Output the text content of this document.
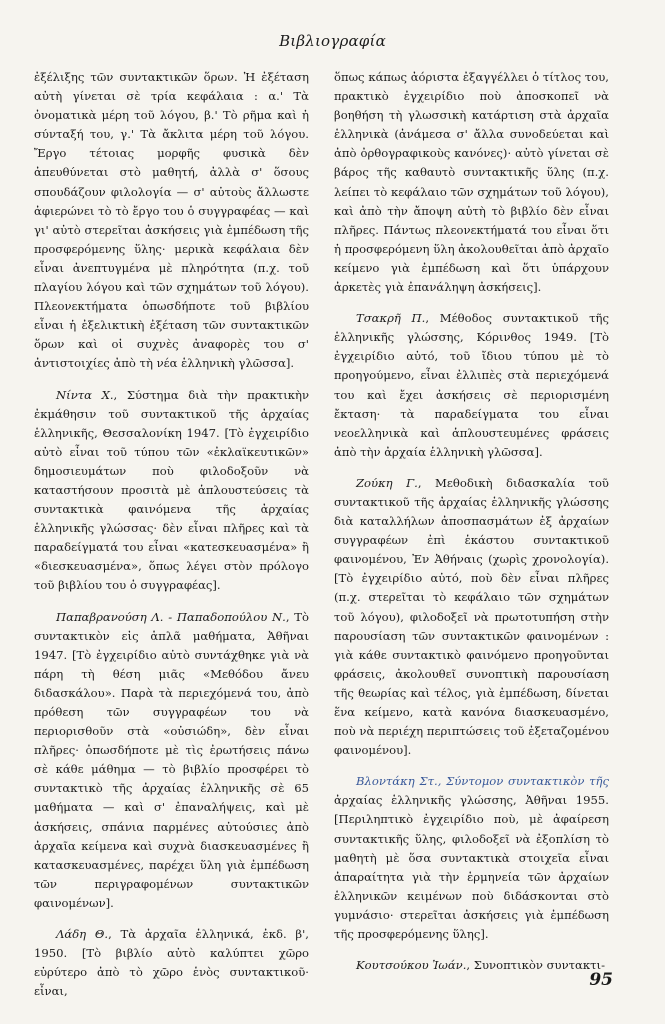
Βιβλιογραφία

ἐξέλιξης τῶν συντακτικῶν ὅρων. Ἡ ἐξέταση αὐτὴ γίνεται σὲ τρία κεφάλαια : α.' Τὰ ὀνοματικὰ μέρη τοῦ λόγου, β.' Τὸ ρῆμα καὶ ἡ σύνταξή του, γ.' Τὰ ἄκλιτα μέρη τοῦ λόγου. Ἔργο τέτοιας μορφῆς φυσικὰ δὲν ἀπευθύνεται στὸ μαθητή, ἀλλὰ σ' ὅσους σπουδάζουν φιλολογία — σ' αὐτοὺς ἄλλωστε ἀφιερώνει τὸ τὸ ἔργο του ὁ συγγραφέας — καὶ γι' αὐτὸ στερεῖται ἀσκήσεις γιὰ ἐμπέδωση τῆς προσφερόμενης ὕλης· μερικὰ κεφάλαια δὲν εἶναι ἀνεπτυγμένα μὲ πληρότητα (π.χ. τοῦ πλαγίου λόγου καὶ τῶν σχημάτων τοῦ λόγου). Πλεονεκτήματα ὁπωσδήποτε τοῦ βιβλίου εἶναι ἡ ἐξελικτικὴ ἐξέταση τῶν συντακτικῶν ὅρων καὶ οἱ συχνὲς ἀναφορὲς του σ' ἀντιστοιχίες ἀπὸ τὴ νέα ἑλληνικὴ γλῶσσα].

Νίντα Χ., Σύστημα διὰ τὴν πρακτικὴν ἐκμάθησιν τοῦ συντακτικοῦ τῆς ἀρχαίας ἑλληνικῆς, Θεσσαλονίκη 1947. [Τὸ ἐγχειρίδιο αὐτὸ εἶναι τοῦ τύπου τῶν «ἐκλαϊκευτικῶν» δημοσιευμάτων ποὺ φιλοδοξοῦν νὰ καταστήσουν προσιτὰ μὲ ἁπλουστεύσεις τὰ συντακτικὰ φαινόμενα τῆς ἀρχαίας ἑλληνικῆς γλώσσας· δὲν εἶναι πλῆρες καὶ τὰ παραδείγματά του εἶναι «κατεσκευασμένα» ἢ «διεσκευασμένα», ὅπως λέγει στὸν πρόλογο τοῦ βιβλίου του ὁ συγγραφέας].

Παπαβρανούση Λ. - Παπαδοπούλου Ν., Τὸ συντακτικὸν εἰς ἁπλᾶ μαθήματα, Ἀθῆναι 1947. [Τὸ ἐγχειρίδιο αὐτὸ συντάχθηκε γιὰ νὰ πάρη τὴ θέση μιᾶς «Μεθόδου ἄνευ διδασκάλου». Παρὰ τὰ περιεχόμενά του, ἀπὸ πρόθεση τῶν συγγραφέων του νὰ περιορισθοῦν στὰ «οὐσιώδη», δὲν εἶναι πλῆρες· ὁπωσδήποτε μὲ τὶς ἐρωτήσεις πάνω σὲ κάθε μάθημα — τὸ βιβλίο προσφέρει τὸ συντακτικὸ τῆς ἀρχαίας ἑλληνικῆς σὲ 65 μαθήματα — καὶ σ' ἐπαναλήψεις, καὶ μὲ ἀσκήσεις, σπάνια παρμένες αὐτούσιες ἀπὸ ἀρχαῖα κείμενα καὶ συχνὰ διασκευασμένες ἢ κατασκευασμένες, παρέχει ὕλη γιὰ ἐμπέδωση τῶν περιγραφομένων συντακτικῶν φαινομένων].

Λάδη Θ., Τὰ ἀρχαῖα ἑλληνικά, ἐκδ. β', 1950. [Τὸ βιβλίο αὐτὸ καλύπτει χῶρο εὐρύτερο ἀπὸ τὸ χῶρο ἑνὸς συντακτικοῦ· εἶναι,

ὅπως κάπως ἀόριστα ἐξαγγέλλει ὁ τίτλος του, πρακτικὸ ἐγχειρίδιο ποὺ ἀποσκοπεῖ νὰ βοηθήση τὴ γλωσσικὴ κατάρτιση στὰ ἀρχαῖα ἑλληνικὰ (ἀνάμεσα σ' ἄλλα συνοδεύεται καὶ ἀπὸ ὀρθογραφικοὺς κανόνες)· αὐτὸ γίνεται σὲ βάρος τῆς καθαυτὸ συντακτικῆς ὕλης (π.χ. λείπει τὸ κεφάλαιο τῶν σχημάτων τοῦ λόγου), καὶ ἀπὸ τὴν ἄποψη αὐτὴ τὸ βιβλίο δὲν εἶναι πλῆρες. Πάντως πλεονεκτήματά του εἶναι ὅτι ἡ προσφερόμενη ὕλη ἀκολουθεῖται ἀπὸ ἀρχαῖο κείμενο γιὰ ἐμπέδωση καὶ ὅτι ὑπάρχουν ἀρκετὲς γιὰ ἐπανάληψη ἀσκήσεις].

Τσακρῆ Π., Μέθοδος συντακτικοῦ τῆς ἑλληνικῆς γλώσσης, Κόρινθος 1949. [Τὸ ἐγχειρίδιο αὐτό, τοῦ ἴδιου τύπου μὲ τὸ προηγούμενο, εἶναι ἐλλιπὲς στὰ περιεχόμενά του καὶ ἔχει ἀσκήσεις σὲ περιορισμένη ἔκταση· τὰ παραδείγματα του εἶναι νεοελληνικὰ καὶ ἁπλουστευμένες φράσεις ἀπὸ τὴν ἀρχαία ἑλληνικὴ γλῶσσα].

Ζούκη Γ., Μεθοδικὴ διδασκαλία τοῦ συντακτικοῦ τῆς ἀρχαίας ἑλληνικῆς γλώσσης διὰ καταλλήλων ἀποσπασμάτων ἐξ ἀρχαίων συγγραφέων ἐπὶ ἑκάστου συντακτικοῦ φαινομένου, Ἐν Ἀθήναις (χωρὶς χρονολογία). [Τὸ ἐγχειρίδιο αὐτό, ποὺ δὲν εἶναι πλῆρες (π.χ. στερεῖται τὸ κεφάλαιο τῶν σχημάτων τοῦ λόγου), φιλοδοξεῖ νὰ πρωτοτυπήση στὴν παρουσίαση τῶν συντακτικῶν φαινομένων : γιὰ κάθε συντακτικὸ φαινόμενο προηγοῦνται φράσεις, ἀκολουθεῖ συνοπτικὴ παρουσίαση τῆς θεωρίας καὶ τέλος, γιὰ ἐμπέδωση, δίνεται ἕνα κείμενο, κατὰ κανόνα διασκευασμένο, ποὺ νὰ περιέχη περιπτώσεις τοῦ ἐξεταζομένου φαινομένου].

Βλοντάκη Στ., Σύντομον συντακτικὸν τῆς ἀρχαίας ἑλληνικῆς γλώσσης, Ἀθῆναι 1955. [Περιληπτικὸ ἐγχειρίδιο ποὺ, μὲ ἀφαίρεση συντακτικῆς ὕλης, φιλοδοξεῖ νὰ ἐξοπλίση τὸ μαθητὴ μὲ ὅσα συντακτικὰ στοιχεῖα εἶναι ἀπαραίτητα γιὰ τὴν ἑρμηνεία τῶν ἀρχαίων ἑλληνικῶν κειμένων ποὺ διδάσκονται στὸ γυμνάσιο· στερεῖται ἀσκήσεις γιὰ ἐμπέδωση τῆς προσφερόμενης ὕλης].

Κουτσούκου Ἰωάν., Συνοπτικὸν συντακτι-

95
